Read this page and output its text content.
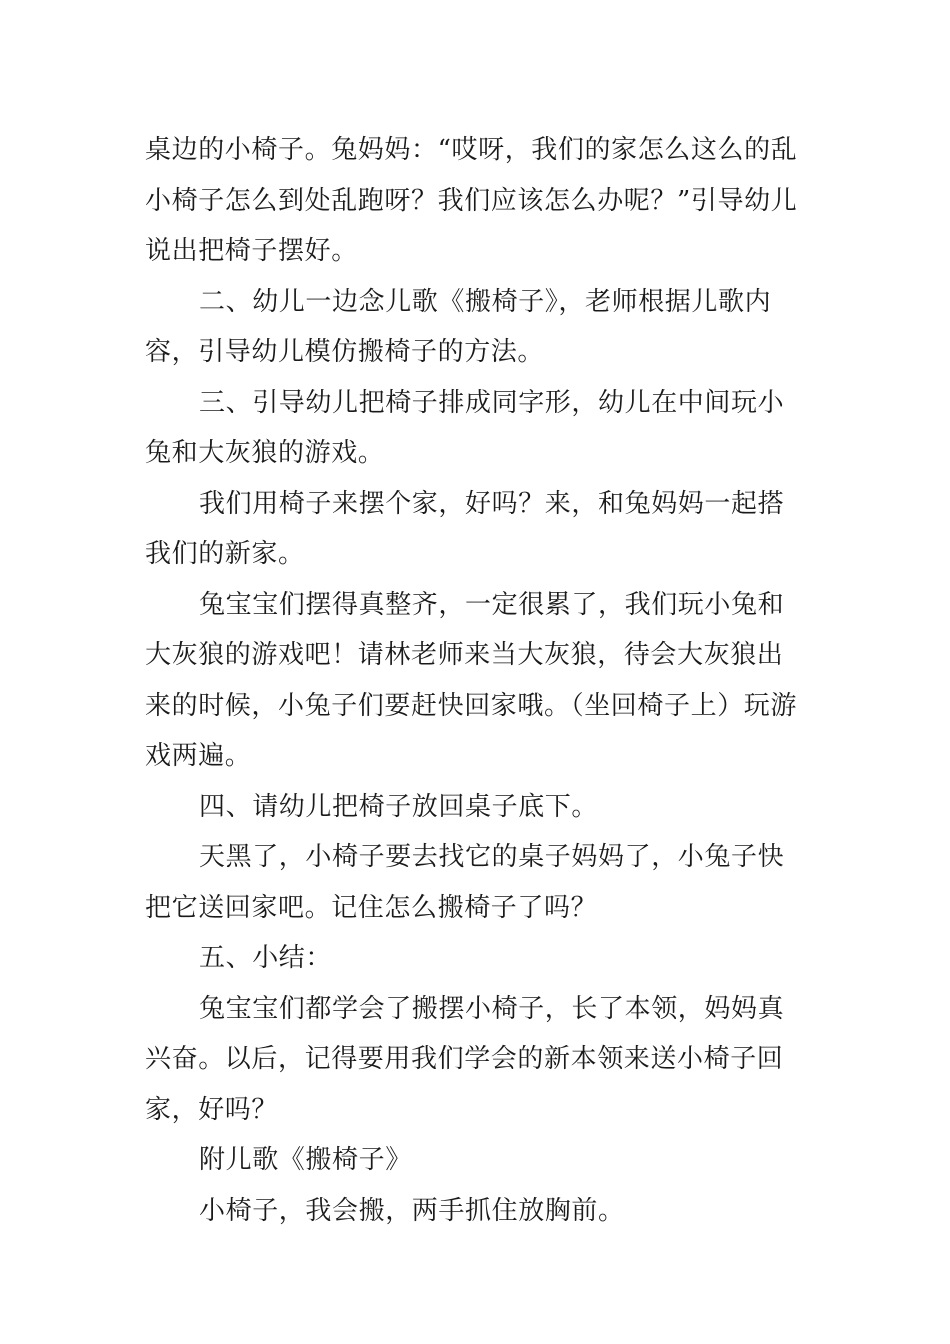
桌边的小椅子。兔妈妈：“哎呀，我们的家怎么这么的乱小椅子怎么到处乱跑呀？我们应该怎么办呢？”引导幼儿说出把椅子摆好。

二、幼儿一边念儿歌《搬椅子》，老师根据儿歌内容，引导幼儿模仿搬椅子的方法。

三、引导幼儿把椅子排成同字形，幼儿在中间玩小兔和大灰狼的游戏。

我们用椅子来摆个家，好吗？来，和兔妈妈一起搭我们的新家。

兔宝宝们摆得真整齐，一定很累了，我们玩小兔和大灰狼的游戏吧！请林老师来当大灰狼，待会大灰狼出来的时候，小兔子们要赶快回家哦。（坐回椅子上）玩游戏两遍。

四、请幼儿把椅子放回桌子底下。

天黑了，小椅子要去找它的桌子妈妈了，小兔子快把它送回家吧。记住怎么搬椅子了吗？

五、小结：

兔宝宝们都学会了搬摆小椅子，长了本领，妈妈真兴奋。以后，记得要用我们学会的新本领来送小椅子回家，好吗？

附儿歌《搬椅子》

小椅子，我会搬，两手抓住放胸前。
